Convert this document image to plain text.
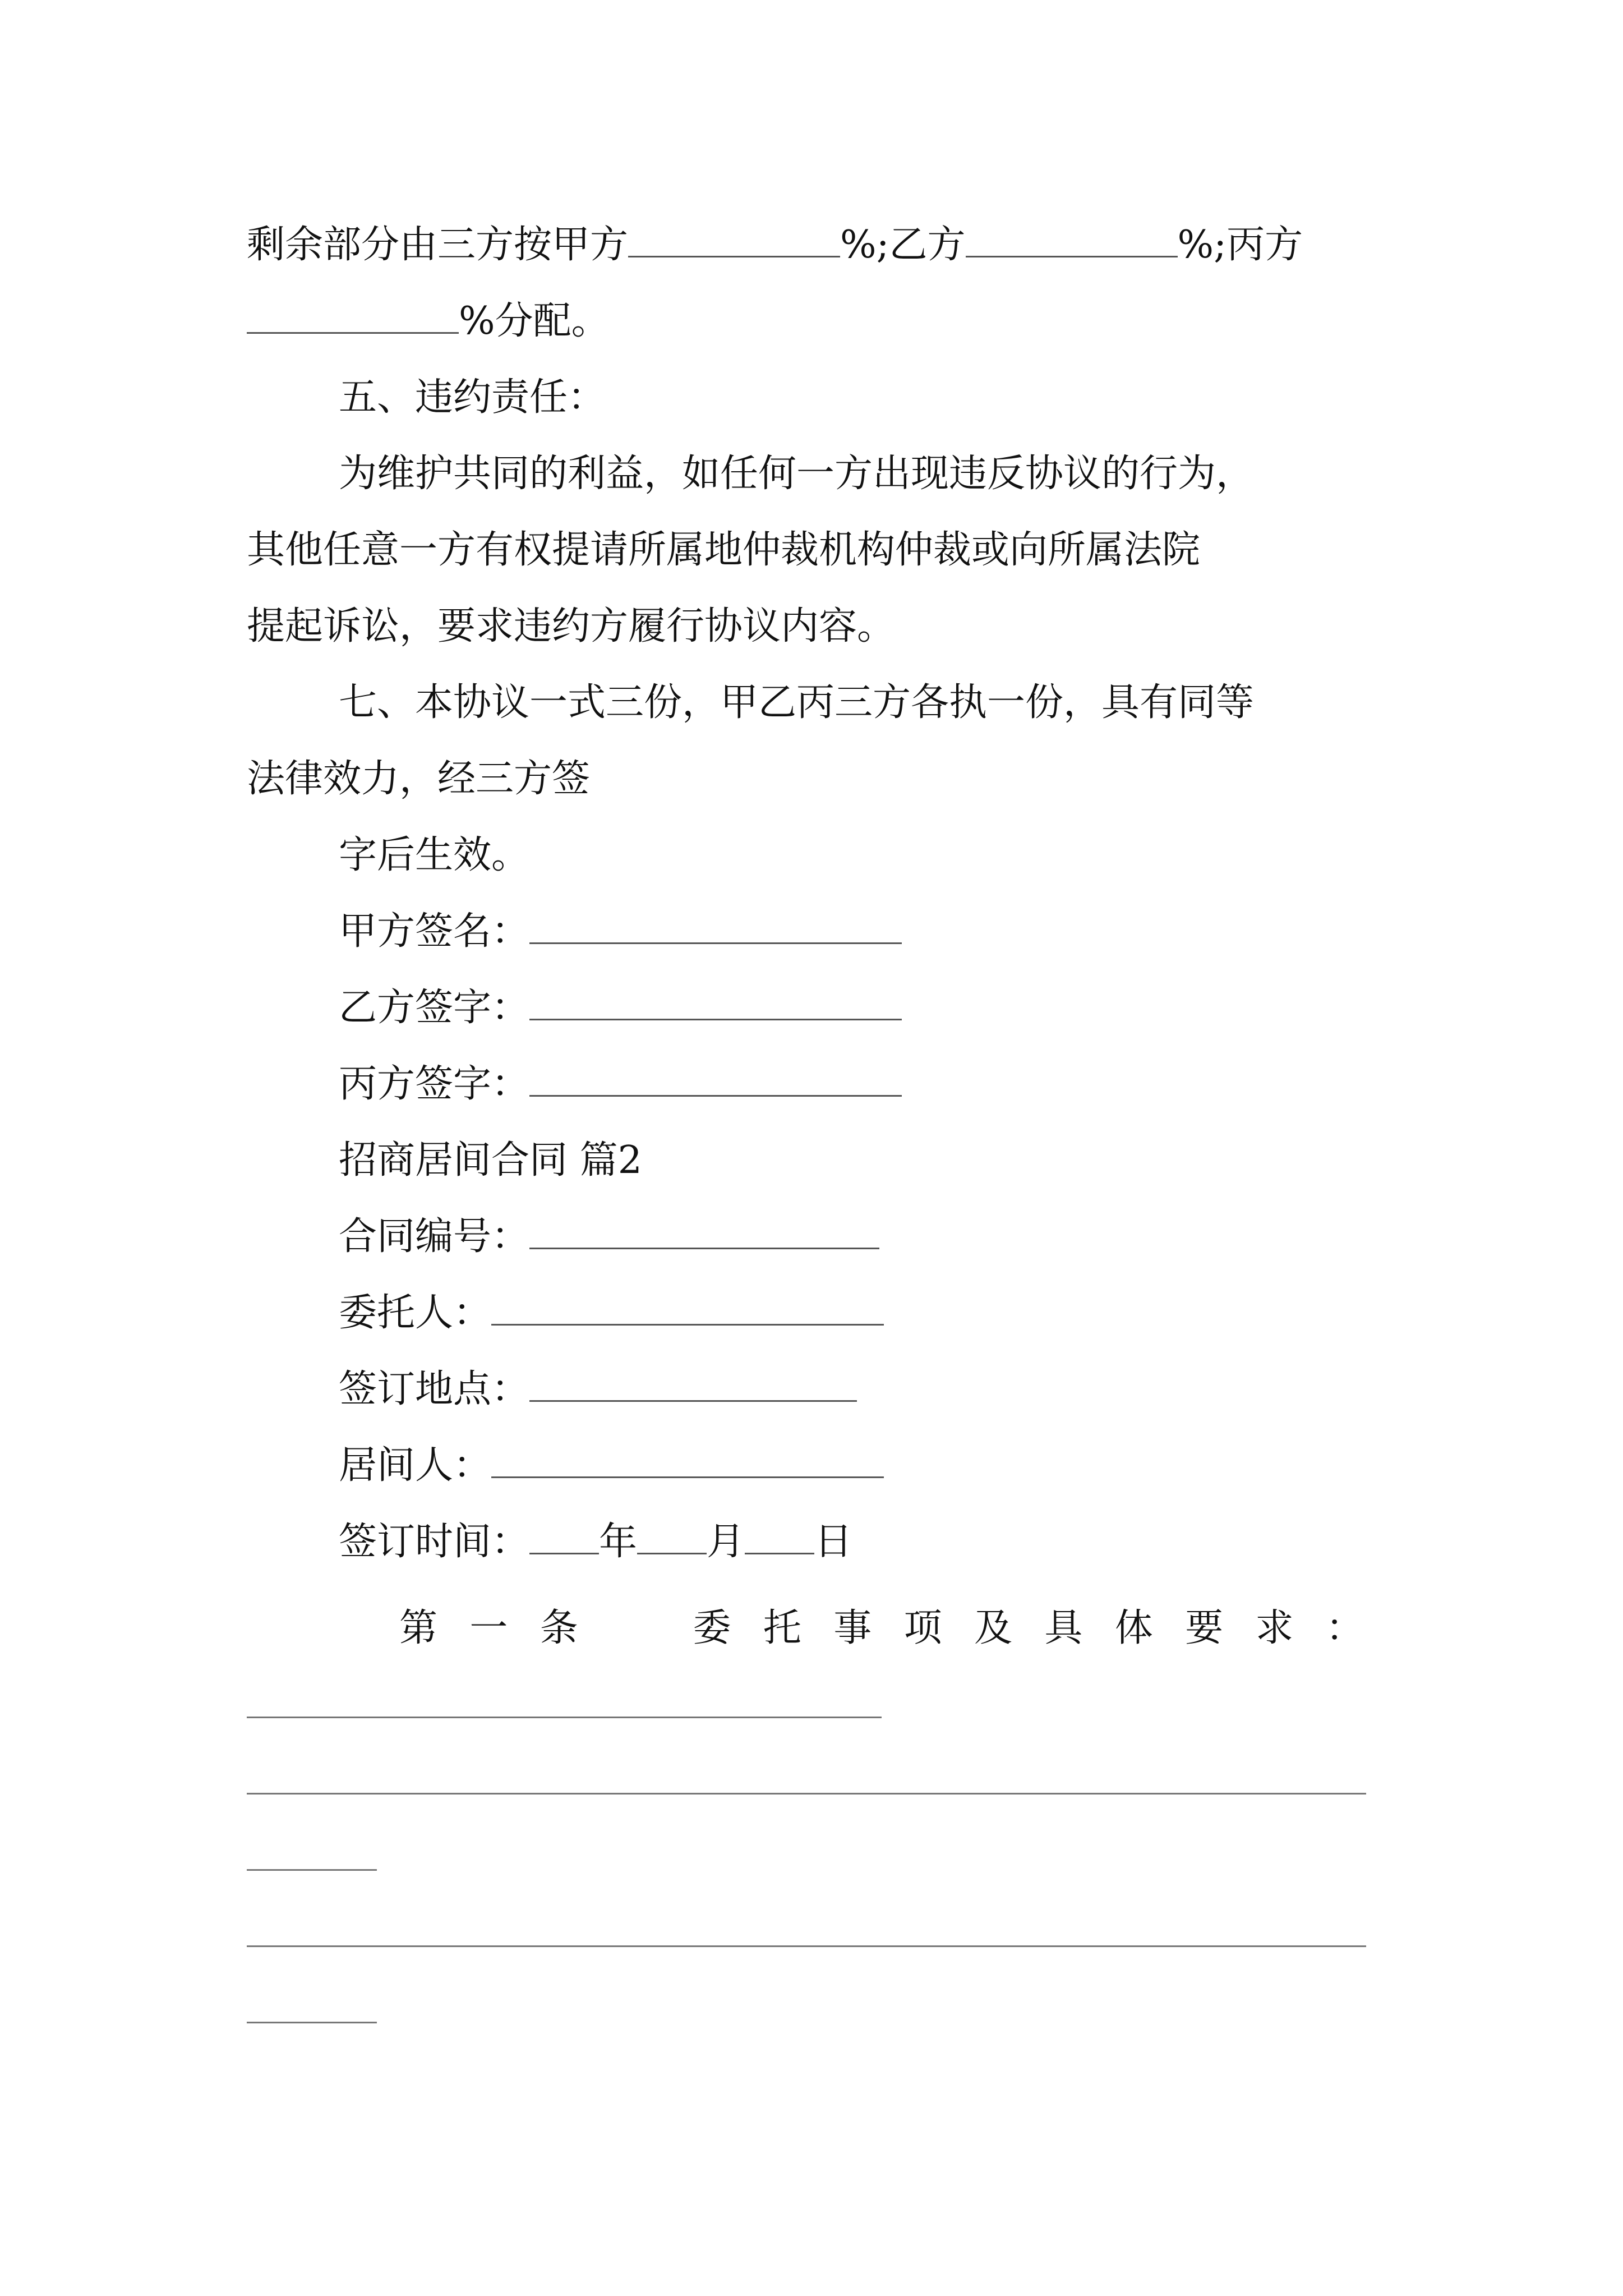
剩余部分由三方按甲方	%;乙方	%;丙方
%分配。
五、违约责任：
为维护共同的利益，如任何一方出现违反协议的行为，
其他任意一方有权提请所属地仲裁机构仲裁或向所属法院
提起诉讼，要求违约方履行协议内容。
七、本协议一式三份，甲乙丙三方各执一份，具有同等
法律效力，经三方签
字后生效。
甲方签名：
乙方签字：
丙方签字：
招商居间合同 篇2
合同编号：
委托人：
签订地点：
居间人：
签订时间： 年 月 日
第 一 条	委 托 事 项 及 具 体 要 求 ：
